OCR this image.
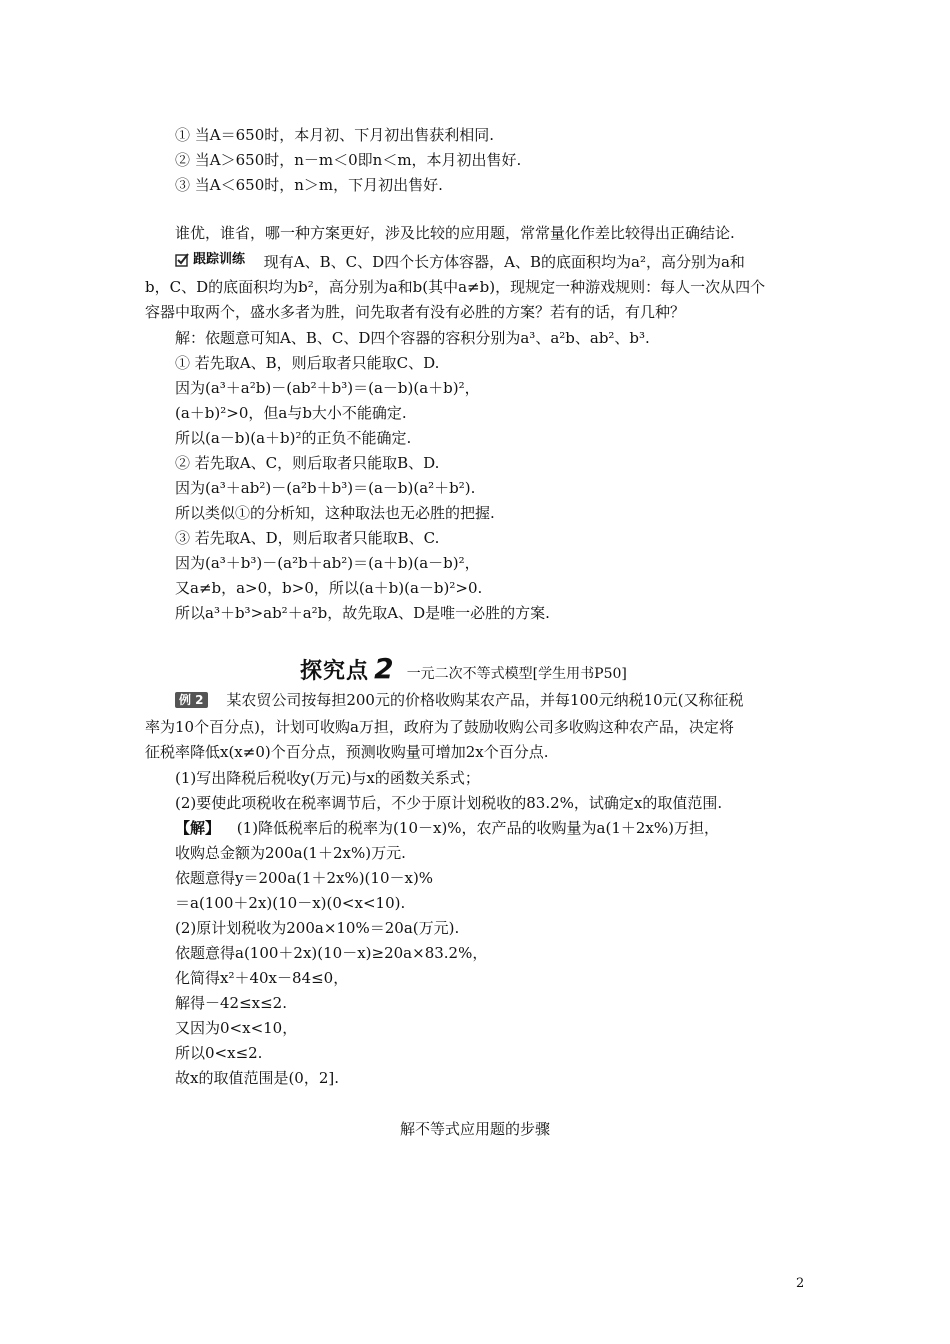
① 当A＝650时，本月初、下月初出售获利相同.
② 当A＞650时，n－m＜0即n＜m，本月初出售好.
③ 当A＜650时，n＞m，下月初出售好.
谁优，谁省，哪一种方案更好，涉及比较的应用题，常常量化作差比较得出正确结论.
跟踪训练 现有A、B、C、D四个长方体容器，A、B的底面积均为a²，高分别为a和
b，C、D的底面积均为b²，高分别为a和b(其中a≠b)，现规定一种游戏规则：每人一次从四个
容器中取两个，盛水多者为胜，问先取者有没有必胜的方案？若有的话，有几种？
解：依题意可知A、B、C、D四个容器的容积分别为a³、a²b、ab²、b³.
① 若先取A、B，则后取者只能取C、D.
因为(a³＋a²b)－(ab²＋b³)＝(a－b)(a＋b)²，
(a＋b)²>0，但a与b大小不能确定.
所以(a－b)(a＋b)²的正负不能确定.
② 若先取A、C，则后取者只能取B、D.
因为(a³＋ab²)－(a²b＋b³)＝(a－b)(a²＋b²).
所以类似①的分析知，这种取法也无必胜的把握.
③ 若先取A、D，则后取者只能取B、C.
因为(a³＋b³)－(a²b＋ab²)＝(a＋b)(a－b)²，
又a≠b，a>0，b>0，所以(a＋b)(a－b)²>0.
所以a³＋b³>ab²＋a²b，故先取A、D是唯一必胜的方案.
探究点 2 一元二次不等式模型[学生用书P50]
例 2 某农贸公司按每担200元的价格收购某农产品，并每100元纳税10元(又称征税
率为10个百分点)，计划可收购a万担，政府为了鼓励收购公司多收购这种农产品，决定将
征税率降低x(x≠0)个百分点，预测收购量可增加2x个百分点.
(1)写出降税后税收y(万元)与x的函数关系式；
(2)要使此项税收在税率调节后，不少于原计划税收的83.2%，试确定x的取值范围.
【解】 (1)降低税率后的税率为(10－x)%，农产品的收购量为a(1＋2x%)万担，
收购总金额为200a(1＋2x%)万元.
依题意得y＝200a(1＋2x%)(10－x)%
＝a(100＋2x)(10－x)(0<x<10).
(2)原计划税收为200a×10%＝20a(万元).
依题意得a(100＋2x)(10－x)≥20a×83.2%，
化简得x²＋40x－84≤0，
解得－42≤x≤2.
又因为0<x<10，
所以0<x≤2.
故x的取值范围是(0，2].
解不等式应用题的步骤
2
